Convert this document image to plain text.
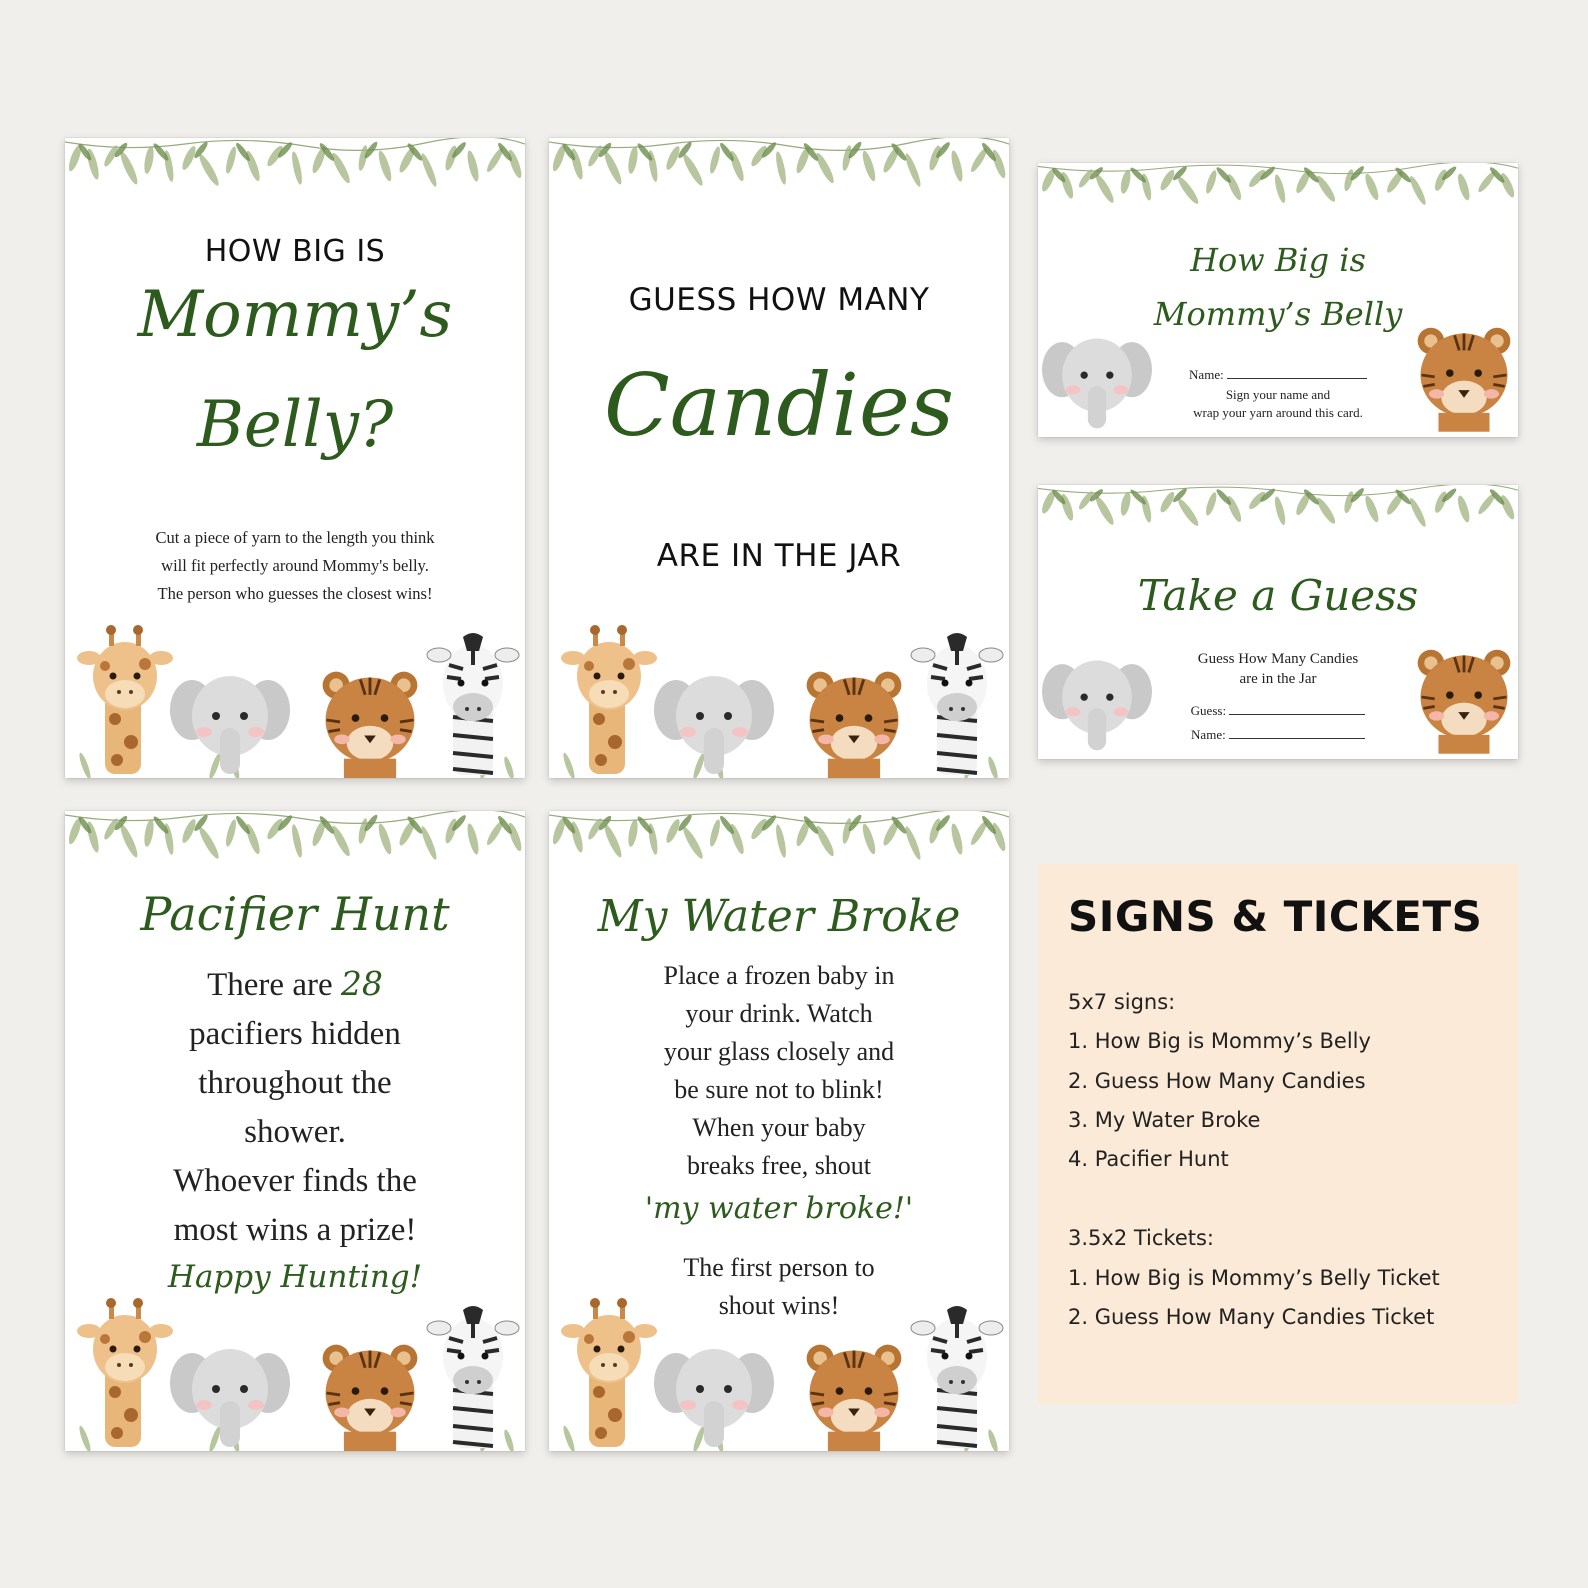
HOW BIG IS
Mommy’s
Belly?
Cut a piece of yarn to the length you think
will fit perfectly around Mommy's belly.
The person who guesses the closest wins!
GUESS HOW MANY
Candies
ARE IN THE JAR
How Big is
Mommy’s Belly
Name:
Sign your name and
wrap your yarn around this card.
Take a Guess
Guess How Many Candies
are in the Jar
Guess:
Name:
Pacifier Hunt
There are 28
pacifiers hidden
throughout the
shower.
Whoever finds the
most wins a prize!
Happy Hunting!
My Water Broke
Place a frozen baby in
your drink. Watch
your glass closely and
be sure not to blink!
When your baby
breaks free, shout
'my water broke!'
The first person to
shout wins!
SIGNS & TICKETS
5x7 signs:
1. How Big is Mommy’s Belly
2. Guess How Many Candies
3. My Water Broke
4. Pacifier Hunt
3.5x2 Tickets:
1. How Big is Mommy’s Belly Ticket
2. Guess How Many Candies Ticket
